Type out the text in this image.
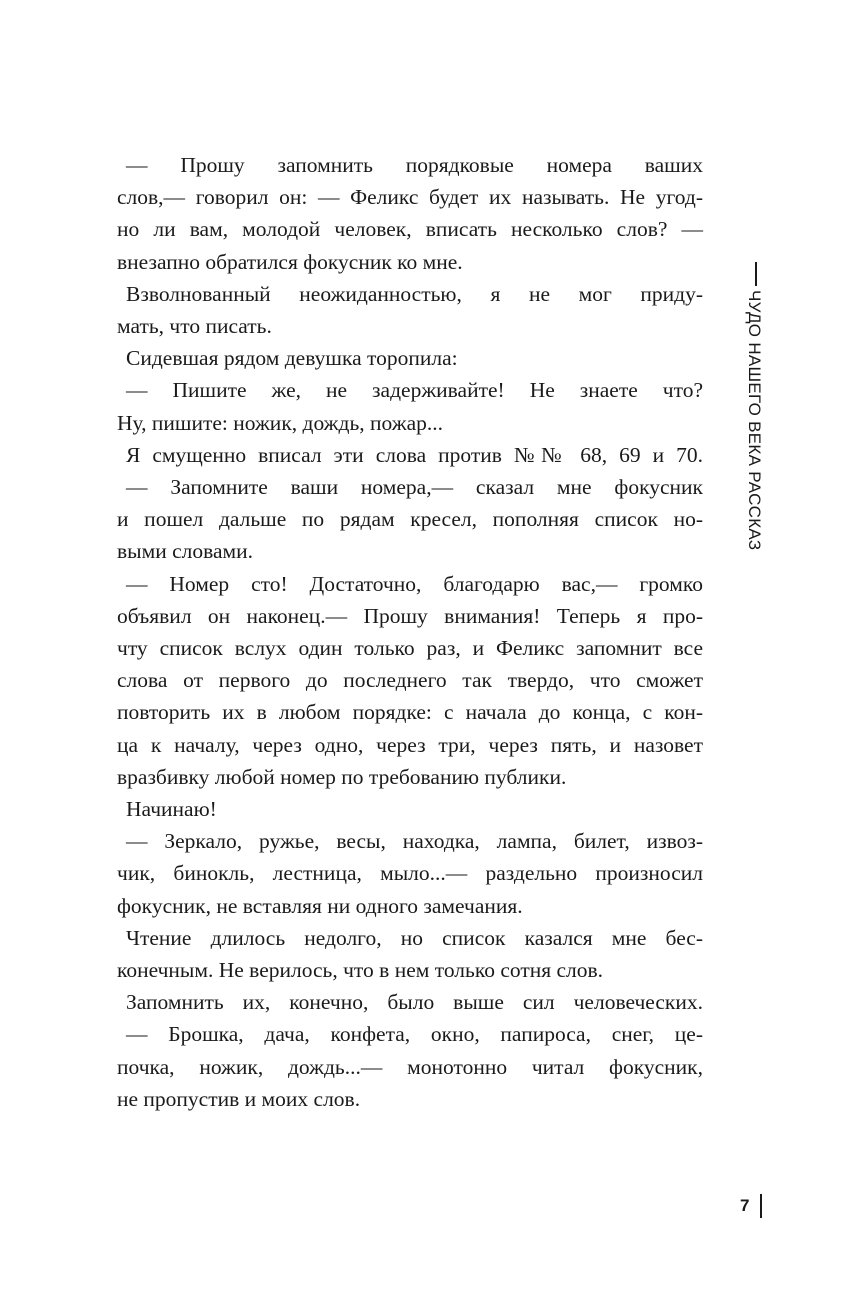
ЧУДО НАШЕГО ВЕКА РАССКАЗ

— Прошу запомнить порядковые номера ваших
слов,— говорил он: — Феликс будет их называть. Не угод-
но ли вам, молодой человек, вписать несколько слов? —
внезапно обратился фокусник ко мне.

Взволнованный неожиданностью, я не мог приду-
мать, что писать.

Сидевшая рядом девушка торопила:

— Пишите же, не задерживайте! Не знаете что?
Ну, пишите: ножик, дождь, пожар...

Я смущенно вписал эти слова против №№ 68, 69 и 70.

— Запомните ваши номера,— сказал мне фокусник
и пошел дальше по рядам кресел, пополняя список но-
выми словами.

— Номер сто! Достаточно, благодарю вас,— громко
объявил он наконец.— Прошу внимания! Теперь я про-
чту список вслух один только раз, и Феликс запомнит все
слова от первого до последнего так твердо, что сможет
повторить их в любом порядке: с начала до конца, с кон-
ца к началу, через одно, через три, через пять, и назовет
вразбивку любой номер по требованию публики.

Начинаю!

— Зеркало, ружье, весы, находка, лампа, билет, извоз-
чик, бинокль, лестница, мыло...— раздельно произносил
фокусник, не вставляя ни одного замечания.

Чтение длилось недолго, но список казался мне бес-
конечным. Не верилось, что в нем только сотня слов.

Запомнить их, конечно, было выше сил человеческих.

— Брошка, дача, конфета, окно, папироса, снег, це-
почка, ножик, дождь...— монотонно читал фокусник,
не пропустив и моих слов.

7
